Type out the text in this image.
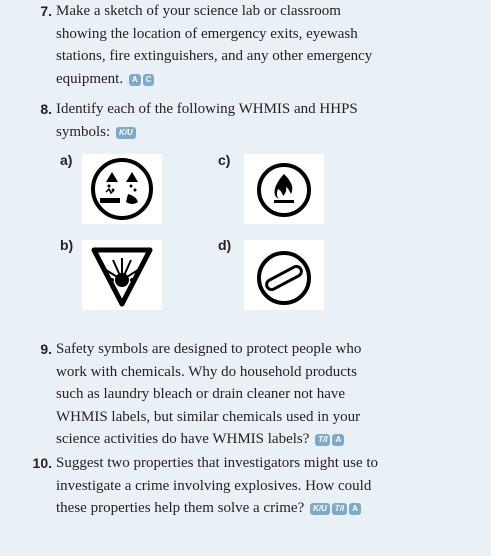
7. Make a sketch of your science lab or classroom
showing the location of emergency exits, eyewash
stations, fire extinguishers, and any other emergency
equipment. A C
8. Identify each of the following WHMIS and HHPS
symbols: K/U
a)	c)
b)	d)
9. Safety symbols are designed to protect people who
work with chemicals. Why do household products
such as laundry bleach or drain cleaner not have
WHMIS labels, but similar chemicals used in your
science activities do have WHMIS labels? T/I A
10. Suggest two properties that investigators might use to
investigate a crime involving explosives. How could
these properties help them solve a crime? K/U T/I A
